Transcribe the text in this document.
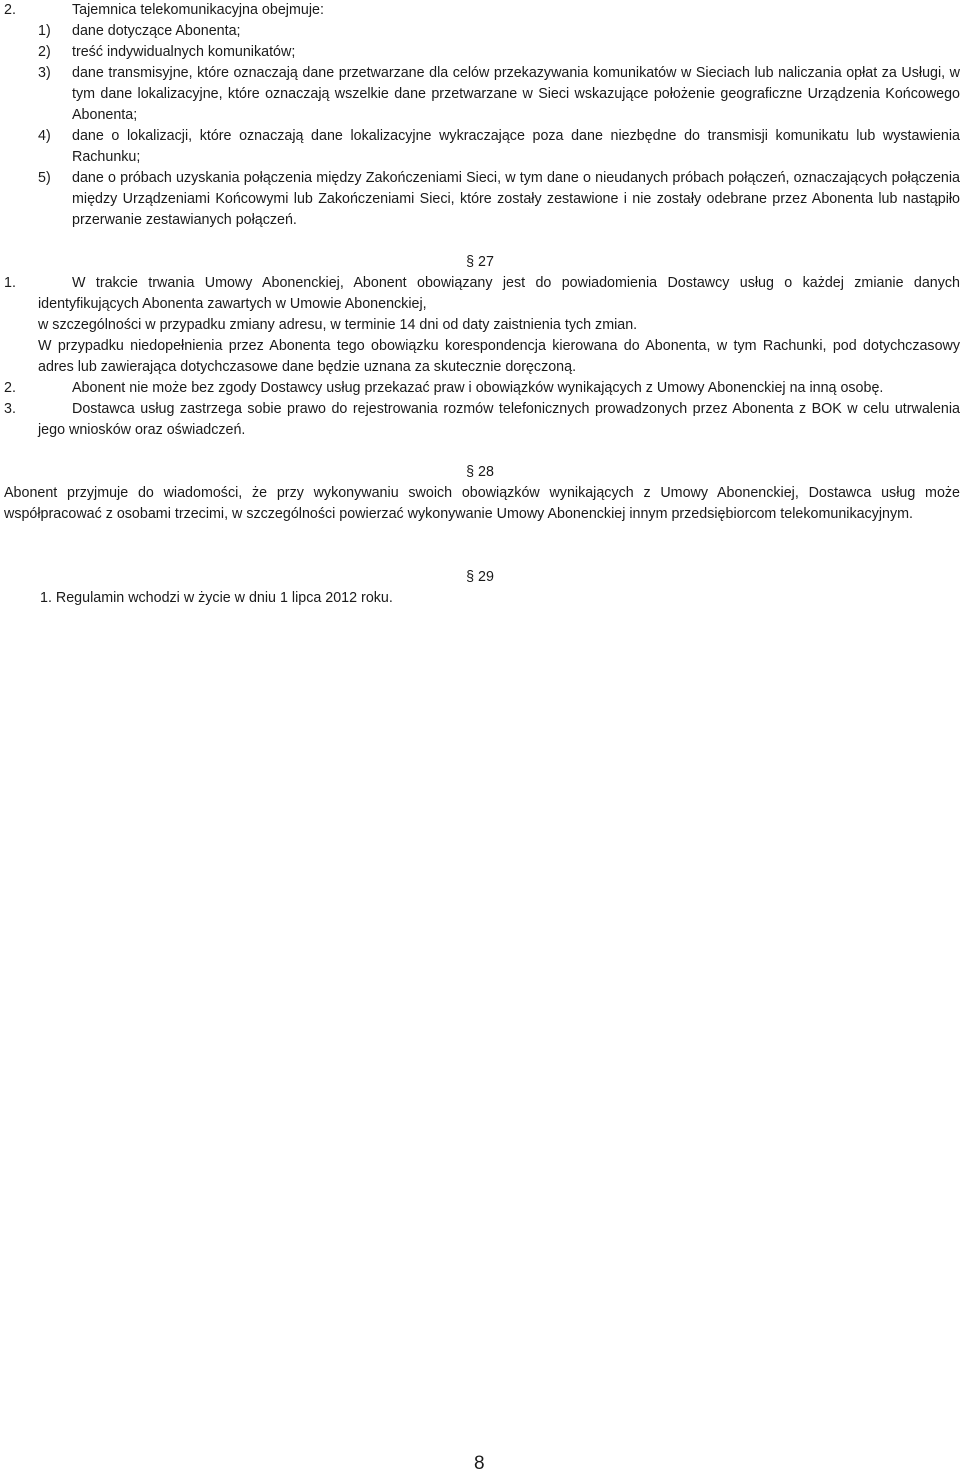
2.	Tajemnica telekomunikacyjna obejmuje:
1) dane dotyczące Abonenta;
2) treść indywidualnych komunikatów;
3) dane transmisyjne, które oznaczają dane przetwarzane dla celów przekazywania komunikatów w Sieciach lub naliczania opłat za Usługi, w tym dane lokalizacyjne, które oznaczają wszelkie dane przetwarzane w Sieci wskazujące położenie geograficzne Urządzenia Końcowego Abonenta;
4) dane o lokalizacji, które oznaczają dane lokalizacyjne wykraczające poza dane niezbędne do transmisji komunikatu lub wystawienia Rachunku;
5) dane o próbach uzyskania połączenia między Zakończeniami Sieci, w tym dane o nieudanych próbach połączeń, oznaczających połączenia między Urządzeniami Końcowymi lub Zakończeniami Sieci, które zostały zestawione i nie zostały odebrane przez Abonenta lub nastąpiło przerwanie zestawianych połączeń.
§ 27
1.	W trakcie trwania Umowy Abonenckiej, Abonent obowiązany jest do powiadomienia Dostawcy usług o każdej zmianie danych identyfikujących Abonenta zawartych w Umowie Abonenckiej,
w szczególności w przypadku zmiany adresu, w terminie 14 dni od daty zaistnienia tych zmian.
W przypadku niedopełnienia przez Abonenta tego obowiązku korespondencja kierowana do Abonenta, w tym Rachunki, pod dotychczasowy adres lub zawierająca dotychczasowe dane będzie uznana za skutecznie doręczoną.
2.	Abonent nie może bez zgody Dostawcy usług przekazać praw i obowiązków wynikających z Umowy Abonenckiej na inną osobę.
3.	Dostawca usług zastrzega sobie prawo do rejestrowania rozmów telefonicznych prowadzonych przez Abonenta z BOK w celu utrwalenia jego wniosków oraz oświadczeń.
§ 28
Abonent przyjmuje do wiadomości, że przy wykonywaniu swoich obowiązków wynikających z Umowy Abonenckiej, Dostawca usług może współpracować z osobami trzecimi, w szczególności powierzać wykonywanie Umowy Abonenckiej innym przedsiębiorcom telekomunikacyjnym.
§ 29
1. Regulamin wchodzi w życie w dniu 1 lipca 2012 roku.
8
